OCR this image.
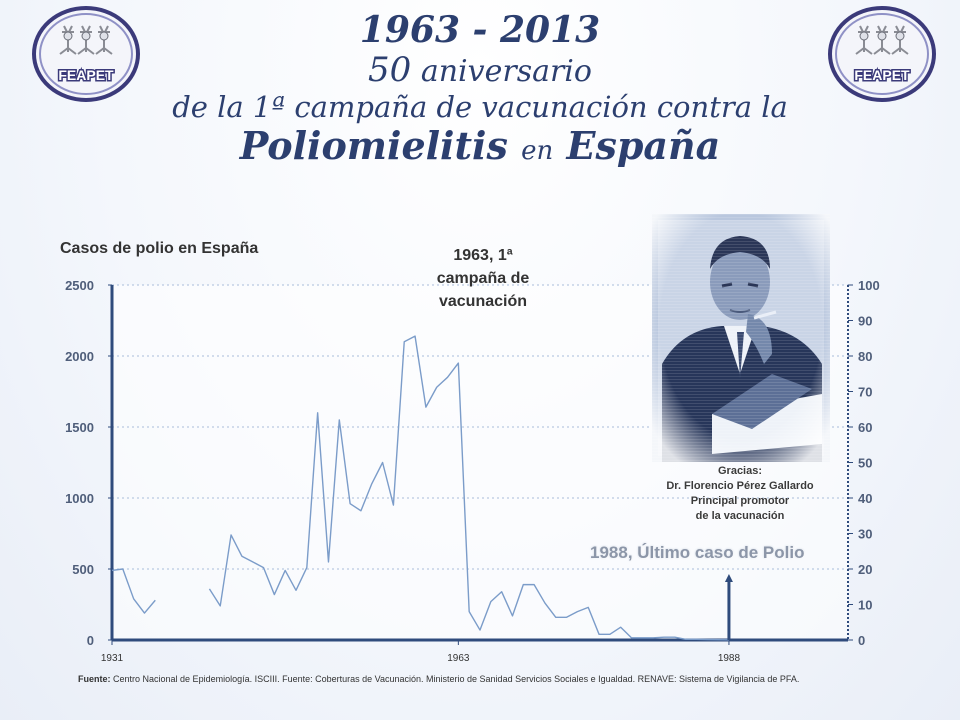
FEAPET	FEAPET
1963 - 2013
50 aniversario
de la 1ª campaña de vacunación contra la
Poliomielitis en España
Casos de polio en España
0
500
1000
1500
2000
2500
0
10
20
30
40
50
60
70
80
90
100
1931	1963	1988
1963, 1ª
campaña de
vacunación
Gracias:
Dr. Florencio Pérez Gallardo
Principal promotor
de la vacunación
1988, Último caso de Polio
Fuente: Centro Nacional de Epidemiología. ISCIII. Fuente: Coberturas de Vacunación. Ministerio de Sanidad Servicios Sociales e Igualdad. RENAVE: Sistema de Vigilancia de PFA.
